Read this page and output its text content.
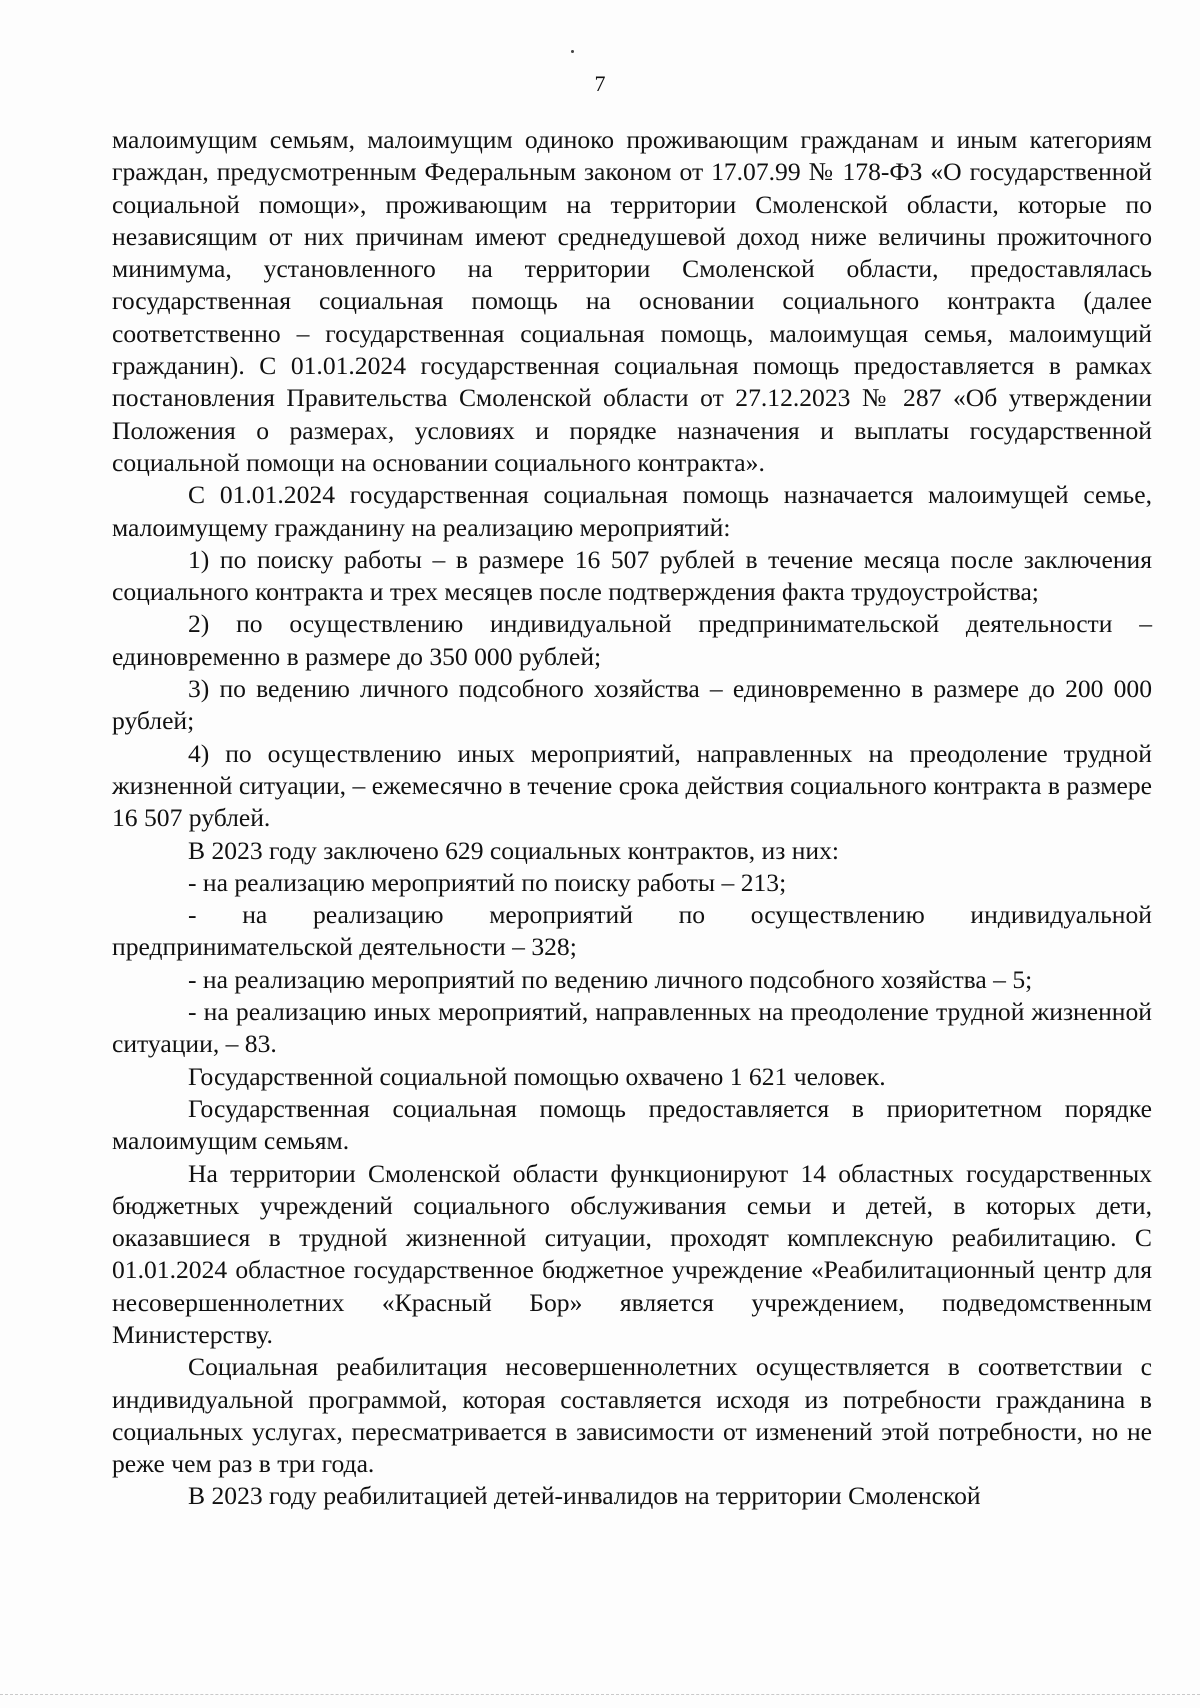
7

малоимущим семьям, малоимущим одиноко проживающим гражданам и иным категориям граждан, предусмотренным Федеральным законом от 17.07.99 № 178-ФЗ «О государственной социальной помощи», проживающим на территории Смоленской области, которые по независящим от них причинам имеют среднедушевой доход ниже величины прожиточного минимума, установленного на территории Смоленской области, предоставлялась государственная социальная помощь на основании социального контракта (далее соответственно – государственная социальная помощь, малоимущая семья, малоимущий гражданин). С 01.01.2024 государственная социальная помощь предоставляется в рамках постановления Правительства Смоленской области от 27.12.2023 № 287 «Об утверждении Положения о размерах, условиях и порядке назначения и выплаты государственной социальной помощи на основании социального контракта».

С 01.01.2024 государственная социальная помощь назначается малоимущей семье, малоимущему гражданину на реализацию мероприятий:

1) по поиску работы – в размере 16 507 рублей в течение месяца после заключения социального контракта и трех месяцев после подтверждения факта трудоустройства;

2) по осуществлению индивидуальной предпринимательской деятельности – единовременно в размере до 350 000 рублей;

3) по ведению личного подсобного хозяйства – единовременно в размере до 200 000 рублей;

4) по осуществлению иных мероприятий, направленных на преодоление трудной жизненной ситуации, – ежемесячно в течение срока действия социального контракта в размере 16 507 рублей.

В 2023 году заключено 629 социальных контрактов, из них:

- на реализацию мероприятий по поиску работы – 213;

- на реализацию мероприятий по осуществлению индивидуальной предпринимательской деятельности – 328;

- на реализацию мероприятий по ведению личного подсобного хозяйства – 5;

- на реализацию иных мероприятий, направленных на преодоление трудной жизненной ситуации, – 83.

Государственной социальной помощью охвачено 1 621 человек.

Государственная социальная помощь предоставляется в приоритетном порядке малоимущим семьям.

На территории Смоленской области функционируют 14 областных государственных бюджетных учреждений социального обслуживания семьи и детей, в которых дети, оказавшиеся в трудной жизненной ситуации, проходят комплексную реабилитацию. С 01.01.2024 областное государственное бюджетное учреждение «Реабилитационный центр для несовершеннолетних «Красный Бор» является учреждением, подведомственным Министерству.

Социальная реабилитация несовершеннолетних осуществляется в соответствии с индивидуальной программой, которая составляется исходя из потребности гражданина в социальных услугах, пересматривается в зависимости от изменений этой потребности, но не реже чем раз в три года.

В 2023 году реабилитацией детей-инвалидов на территории Смоленской
